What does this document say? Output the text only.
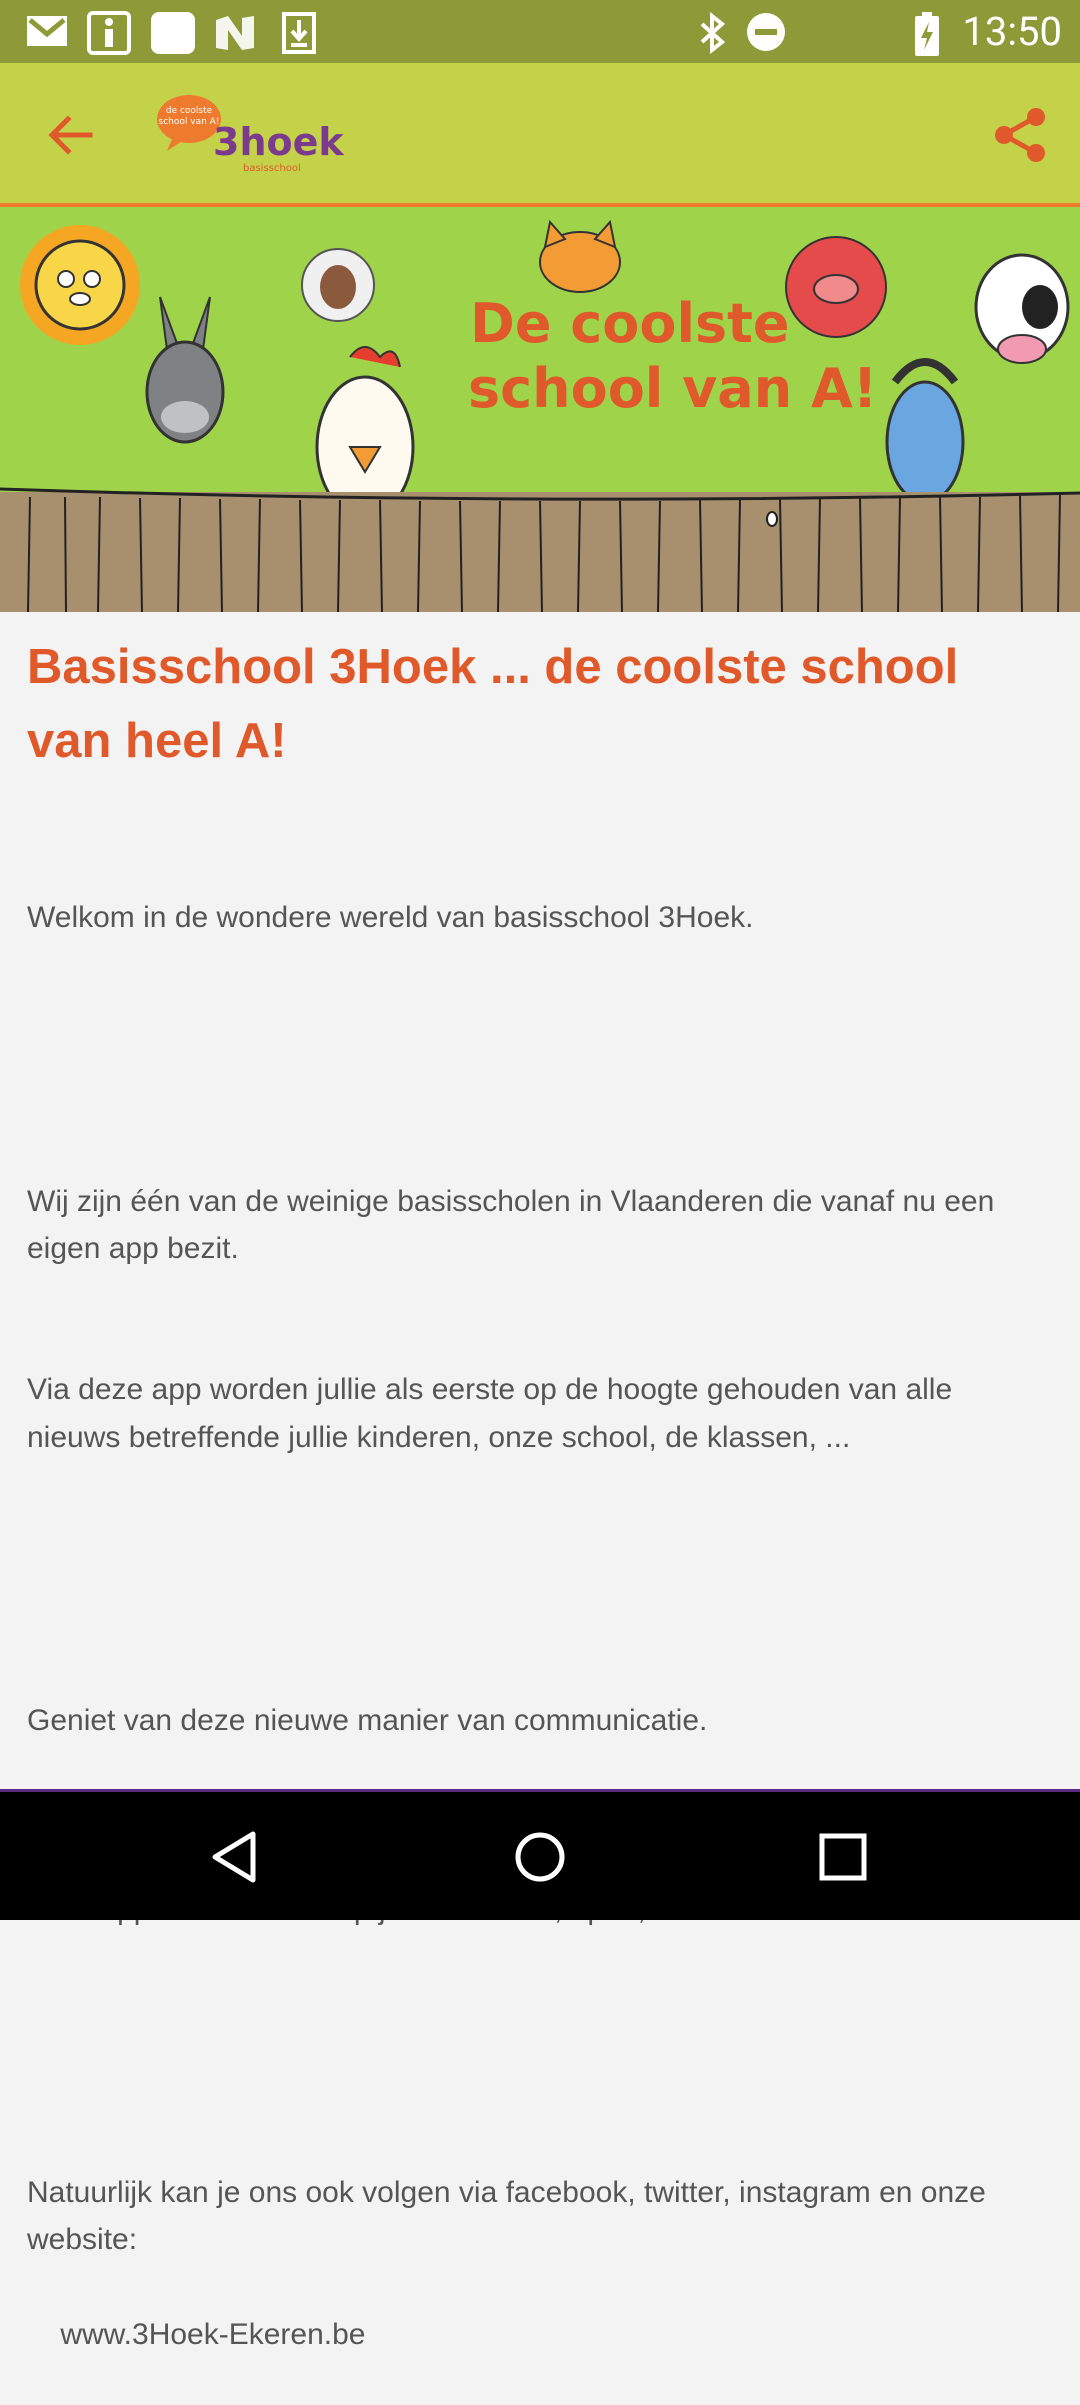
13:50
de coolste
school van A!
3hoek
basisschool
De coolste
school van A!
Basisschool 3Hoek ... de coolste school van heel A!

Welkom in de wondere wereld van basisschool 3Hoek.

Wij zijn één van de weinige basisscholen in Vlaanderen die vanaf nu een eigen app bezit.

Via deze app worden jullie als eerste op de hoogte gehouden van alle nieuws betreffende jullie kinderen, onze school, de klassen, ...

Geniet van deze nieuwe manier van communicatie.

Natuurlijk kan je ons ook volgen via facebook, twitter, instagram en onze website:

www.3Hoek-Ekeren.be
